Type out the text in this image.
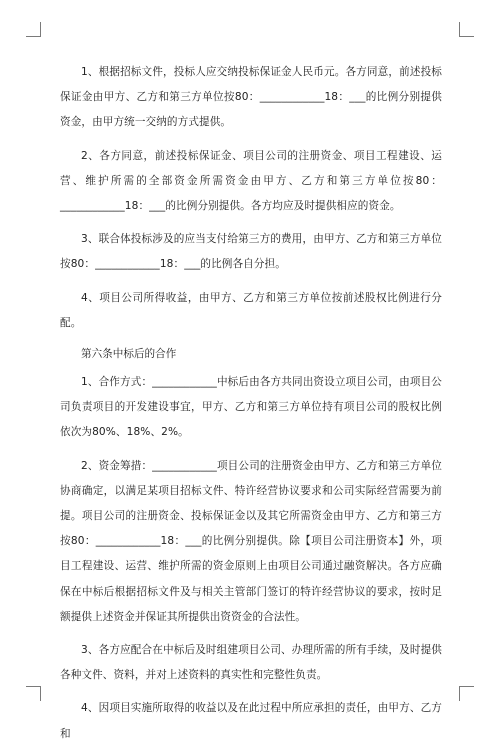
1、根据招标文件，投标人应交纳投标保证金人民币元。各方同意，前述投标保证金由甲方、乙方和第三方单位按80：____________18：___的比例分别提供资金，由甲方统一交纳的方式提供。

2、各方同意，前述投标保证金、项目公司的注册资金、项目工程建设、运营、维护所需的全部资金所需资金由甲方、乙方和第三方单位按80：____________18：___的比例分别提供。各方均应及时提供相应的资金。

3、联合体投标涉及的应当支付给第三方的费用，由甲方、乙方和第三方单位按80：____________18：___的比例各自分担。

4、项目公司所得收益，由甲方、乙方和第三方单位按前述股权比例进行分配。

第六条中标后的合作

1、合作方式：____________中标后由各方共同出资设立项目公司，由项目公司负责项目的开发建设事宜，甲方、乙方和第三方单位持有项目公司的股权比例依次为80%、18%、2%。

2、资金筹措：____________项目公司的注册资金由甲方、乙方和第三方单位协商确定，以满足某项目招标文件、特许经营协议要求和公司实际经营需要为前提。项目公司的注册资金、投标保证金以及其它所需资金由甲方、乙方和第三方按80：____________18：___的比例分别提供。除【项目公司注册资本】外，项目工程建设、运营、维护所需的资金原则上由项目公司通过融资解决。各方应确保在中标后根据招标文件及与相关主管部门签订的特许经营协议的要求，按时足额提供上述资金并保证其所提供出资资金的合法性。

3、各方应配合在中标后及时组建项目公司、办理所需的所有手续，及时提供各种文件、资料，并对上述资料的真实性和完整性负责。

4、因项目实施所取得的收益以及在此过程中所应承担的责任，由甲方、乙方和
